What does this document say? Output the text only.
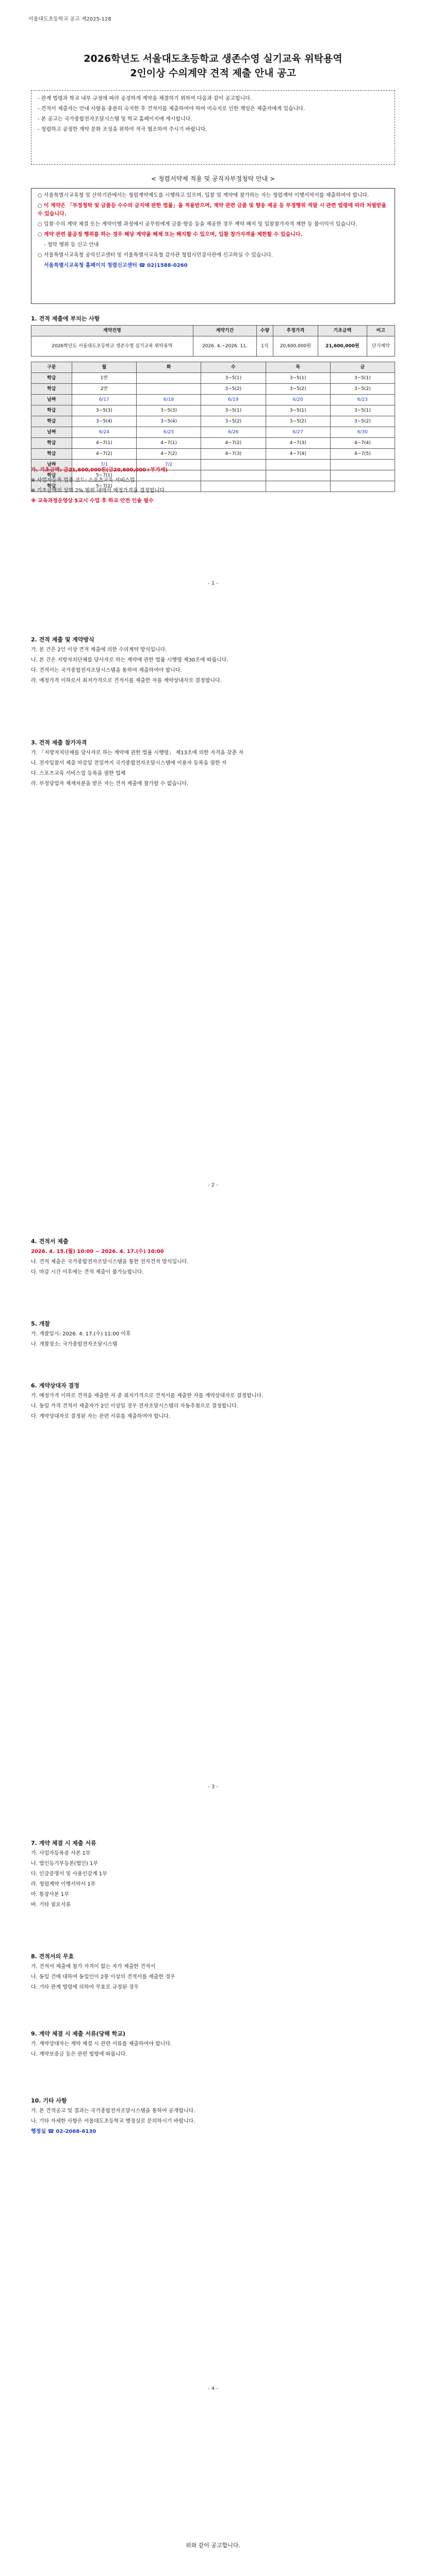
서울대도초등학교 공고 제2025-128
2026학년도 서울대도초등학교 생존수영 실기교육 위탁용역
2인이상 수의계약 견적 제출 안내 공고
- 관계 법령과 학교 내부 규정에 따라 공정하게 계약을 체결하기 위하여 다음과 같이 공고합니다.
- 견적서 제출자는 안내 사항을 충분히 숙지한 후 견적서를 제출하여야 하며 미숙지로 인한 책임은 제출자에게 있습니다.
- 본 공고는 국가종합전자조달시스템 및 학교 홈페이지에 게시합니다.
- 청렴하고 공정한 계약 문화 조성을 위하여 적극 협조하여 주시기 바랍니다.
< 청렴서약제 적용 및 공직자부정청탁 안내 >
○ 서울특별시교육청 및 산하기관에서는 청렴계약제도를 시행하고 있으며, 입찰 및 계약에 참가하는 자는 청렴계약 이행서약서를 제출하여야 합니다.
○ 이 계약은 「부정청탁 및 금품등 수수의 금지에 관한 법률」을 적용받으며, 계약 관련 금품 및 향응 제공 등 부정행위 적발 시 관련 법령에 따라 처벌받을 수 있습니다.
○ 입찰·수의 계약 체결 또는 계약이행 과정에서 공무원에게 금품·향응 등을 제공한 경우 계약 해지 및 입찰참가자격 제한 등 불이익이 있습니다.
○ 계약 관련 불공정 행위를 하는 경우 해당 계약을 해제 또는 해지할 수 있으며, 입찰 참가자격을 제한할 수 있습니다.
- 청탁 행위 등 신고 안내
○ 서울특별시교육청 공익신고센터 및 서울특별시교육청 감사관 청렴시민감사관에 신고하실 수 있습니다.
서울특별시교육청 홈페이지 청렴신고센터 ☎ 02)1588-0260
1. 견적 제출에 부치는 사항
계약건명	계약기간	수량	추정가격	기초금액	비고
2026학년도 서울대도초등학교 생존수영 실기교육 위탁용역	2026. 4.~2026. 11.	1식	20,600,000원	21,600,000원	단가계약
구분	월	화	수	목	금
학급	1반		3~5(1)	3~5(1)	3~5(1)
학급	2반		3~5(2)	3~5(2)	3~5(2)
날짜	6/17	6/18	6/19	6/20	6/23
학급	3~5(3)	3~5(3)	3~5(1)	3~5(1)	3~5(1)
학급	3~5(4)	3~5(4)	3~5(2)	3~5(2)	3~5(2)
날짜	6/24	6/25	6/26	6/27	6/30
학급	4~7(1)	4~7(1)	4~7(2)	4~7(3)	4~7(4)
학급	4~7(2)	4~7(2)	4~7(3)	4~7(4)	4~7(5)
날짜	7/1	7/2			
학급	5~7(1)				
학급	5~7(2)				
가. 기초금액: 금21,600,000원(금20,600,000+부가세)
※ 사업자등록 업종 코드: 스포츠교육 서비스업
※ 기초금액의 상하 2% 범위 내에서 예정가격을 결정합니다.
※ 교육과정운영상 5교시 수업 후 하교 안전 인솔 필수
- 1 -
2. 견적 제출 및 계약방식
가. 본 건은 2인 이상 견적 제출에 의한 수의계약 방식입니다.
나. 본 건은 지방자치단체를 당사자로 하는 계약에 관한 법률 시행령 제30조에 따릅니다.
다. 견적서는 국가종합전자조달시스템을 통하여 제출하여야 합니다.
라. 예정가격 이하로서 최저가격으로 견적서를 제출한 자를 계약상대자로 결정합니다.
3. 견적 제출 참가자격
가. 「지방자치단체를 당사자로 하는 계약에 관한 법률 시행령」 제13조에 의한 자격을 갖춘 자
나. 전자입찰서 제출 마감일 전일까지 국가종합전자조달시스템에 이용자 등록을 필한 자
다. 스포츠교육 서비스업 등록을 필한 업체
라. 부정당업자 제재처분을 받은 자는 견적 제출에 참가할 수 없습니다.
- 2 -
4. 견적서 제출
2026. 4. 15.(월) 10:00 ~ 2026. 4. 17.(수) 10:00
나. 견적 제출은 국가종합전자조달시스템을 통한 전자견적 방식입니다.
다. 마감 시간 이후에는 견적 제출이 불가능합니다.
5. 개찰
가. 개찰일시: 2026. 4. 17.(수) 11:00 이후
나. 개찰장소: 국가종합전자조달시스템
6. 계약상대자 결정
가. 예정가격 이하로 견적을 제출한 자 중 최저가격으로 견적서를 제출한 자를 계약상대자로 결정합니다.
나. 동일 가격 견적서 제출자가 2인 이상일 경우 전자조달시스템의 자동추첨으로 결정합니다.
다. 계약상대자로 결정된 자는 관련 서류를 제출하여야 합니다.
- 3 -
7. 계약 체결 시 제출 서류
가. 사업자등록증 사본 1부
나. 법인등기부등본(법인) 1부
다. 인감증명서 및 사용인감계 1부
라. 청렴계약 이행서약서 1부
마. 통장사본 1부
바. 기타 필요서류
8. 견적서의 무효
가. 견적서 제출에 참가 자격이 없는 자가 제출한 견적서
나. 동일 건에 대하여 동일인이 2통 이상의 견적서를 제출한 경우
다. 기타 관계 법령에 의하여 무효로 규정된 경우
9. 계약 체결 시 제출 서류(당해 학교)
가. 계약상대자는 계약 체결 시 관련 서류를 제출하여야 합니다.
나. 계약보증금 등은 관련 법령에 따릅니다.
10. 기타 사항
가. 본 견적공고 및 결과는 국가종합전자조달시스템을 통하여 공개합니다.
나. 기타 자세한 사항은 서울대도초등학교 행정실로 문의하시기 바랍니다.
행정실 ☎ 02-2068-6130
- 4 -
위와 같이 공고합니다.
